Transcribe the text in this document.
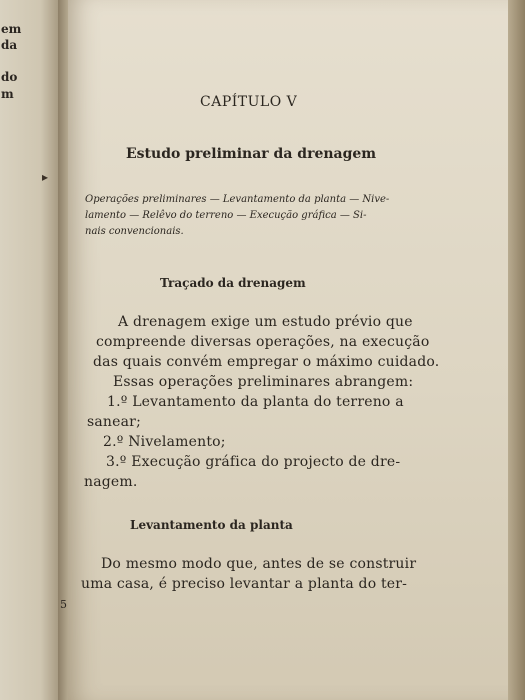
em
da
do
m
▸
CAPÍTULO V
Estudo preliminar da drenagem
Operações preliminares — Levantamento da planta — Nive-
lamento — Relêvo do terreno — Execução gráfica — Si-
nais convencionais.
Traçado da drenagem
A drenagem exige um estudo prévio que
compreende diversas operações, na execução
das quais convém empregar o máximo cuidado.
Essas operações preliminares abrangem:
1.º Levantamento da planta do terreno a
sanear;
2.º Nivelamento;
3.º Execução gráfica do projecto de dre-
nagem.
Levantamento da planta
Do mesmo modo que, antes de se construir
uma casa, é preciso levantar a planta do ter-
5
